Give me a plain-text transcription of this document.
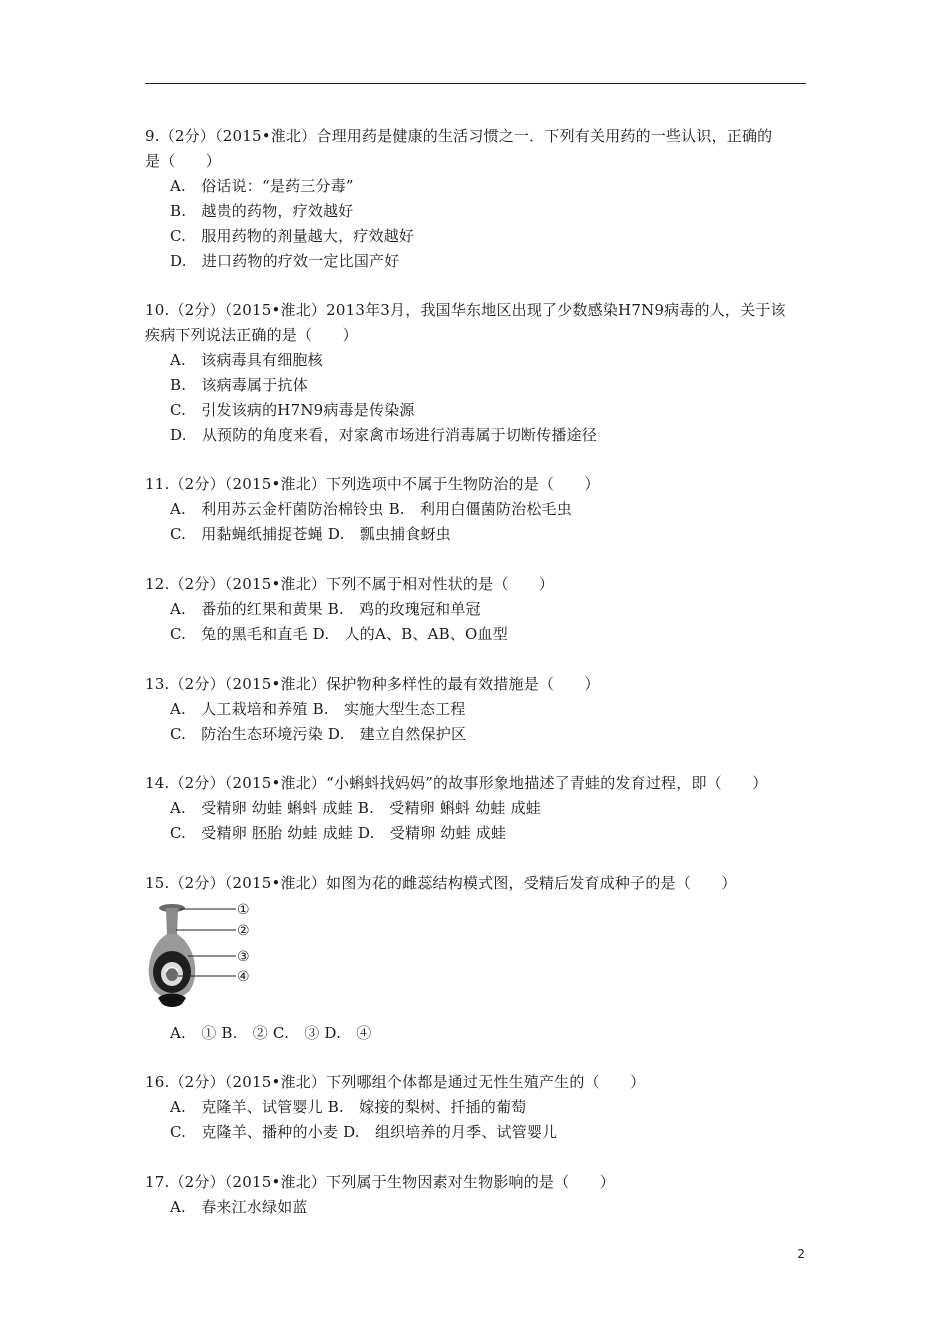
9.（2分）（2015•淮北）合理用药是健康的生活习惯之一．下列有关用药的一些认识，正确的
是（　　）
A.　俗话说：“是药三分毒”
B.　越贵的药物，疗效越好
C.　服用药物的剂量越大，疗效越好
D.　进口药物的疗效一定比国产好
10.（2分）（2015•淮北）2013年3月，我国华东地区出现了少数感染H7N9病毒的人，关于该
疾病下列说法正确的是（　　）
A.　该病毒具有细胞核
B.　该病毒属于抗体
C.　引发该病的H7N9病毒是传染源
D.　从预防的角度来看，对家禽市场进行消毒属于切断传播途径
11.（2分）（2015•淮北）下列选项中不属于生物防治的是（　　）
A.　利用苏云金杆菌防治棉铃虫 B.　利用白僵菌防治松毛虫
C.　用黏蝇纸捕捉苍蝇 D.　瓢虫捕食蚜虫
12.（2分）（2015•淮北）下列不属于相对性状的是（　　）
A.　番茄的红果和黄果 B.　鸡的玫瑰冠和单冠
C.　兔的黑毛和直毛 D.　人的A、B、AB、O血型
13.（2分）（2015•淮北）保护物种多样性的最有效措施是（　　）
A.　人工栽培和养殖 B.　实施大型生态工程
C.　防治生态环境污染 D.　建立自然保护区
14.（2分）（2015•淮北）“小蝌蚪找妈妈”的故事形象地描述了青蛙的发育过程，即（　　）
A.　受精卵 幼蛙 蝌蚪 成蛙 B.　受精卵 蝌蚪 幼蛙 成蛙
C.　受精卵 胚胎 幼蛙 成蛙 D.　受精卵 幼蛙 成蛙
15.（2分）（2015•淮北）如图为花的雌蕊结构模式图，受精后发育成种子的是（　　）
①
②
③
④
A.　① B.　② C.　③ D.　④
16.（2分）（2015•淮北）下列哪组个体都是通过无性生殖产生的（　　）
A.　克隆羊、试管婴儿 B.　嫁接的梨树、扦插的葡萄
C.　克隆羊、播种的小麦 D.　组织培养的月季、试管婴儿
17.（2分）（2015•淮北）下列属于生物因素对生物影响的是（　　）
A.　春来江水绿如蓝
2
